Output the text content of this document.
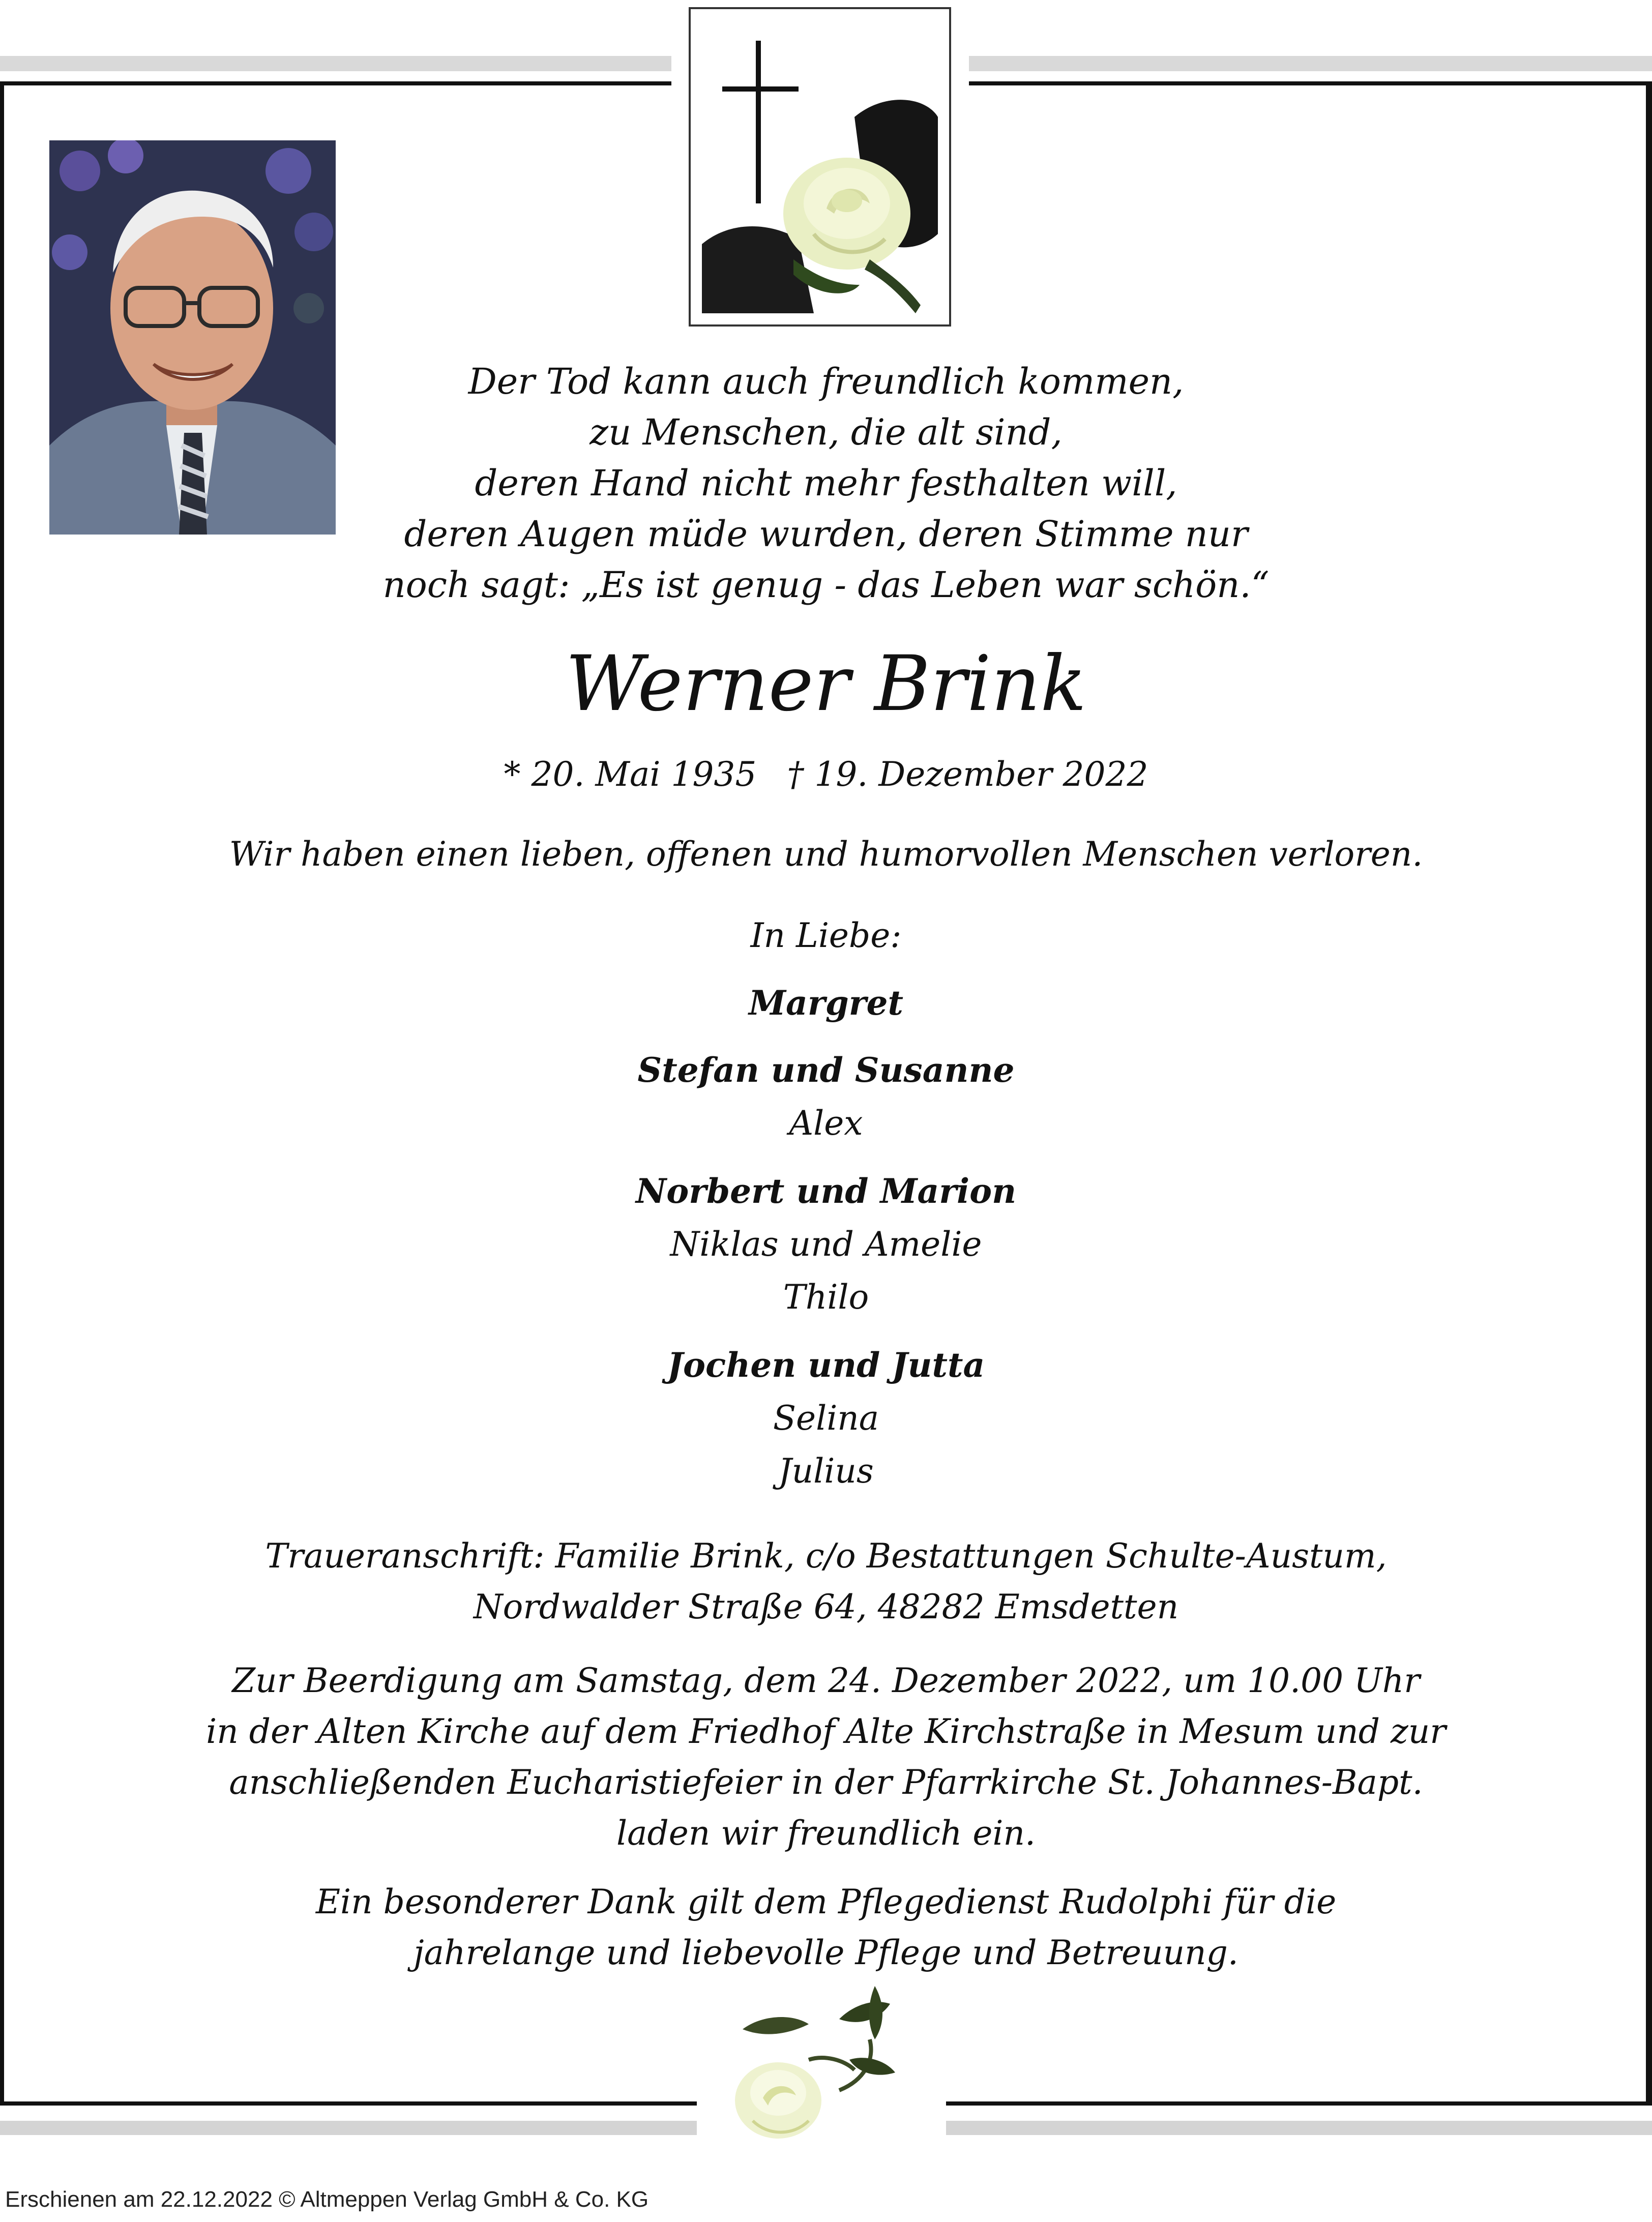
Der Tod kann auch freundlich kommen,
zu Menschen, die alt sind,
deren Hand nicht mehr festhalten will,
deren Augen müde wurden, deren Stimme nur
noch sagt: „Es ist genug - das Leben war schön.“
Werner Brink
* 20. Mai 1935 † 19. Dezember 2022
Wir haben einen lieben, offenen und humorvollen Menschen verloren.
In Liebe:
Margret
Stefan und Susanne
Alex
Norbert und Marion
Niklas und Amelie
Thilo
Jochen und Jutta
Selina
Julius
Traueranschrift: Familie Brink, c/o Bestattungen Schulte-Austum,
Nordwalder Straße 64, 48282 Emsdetten
Zur Beerdigung am Samstag, dem 24. Dezember 2022, um 10.00 Uhr
in der Alten Kirche auf dem Friedhof Alte Kirchstraße in Mesum und zur
anschließenden Eucharistiefeier in der Pfarrkirche St. Johannes-Bapt.
laden wir freundlich ein.
Ein besonderer Dank gilt dem Pflegedienst Rudolphi für die
jahrelange und liebevolle Pflege und Betreuung.
Erschienen am 22.12.2022 © Altmeppen Verlag GmbH & Co. KG
